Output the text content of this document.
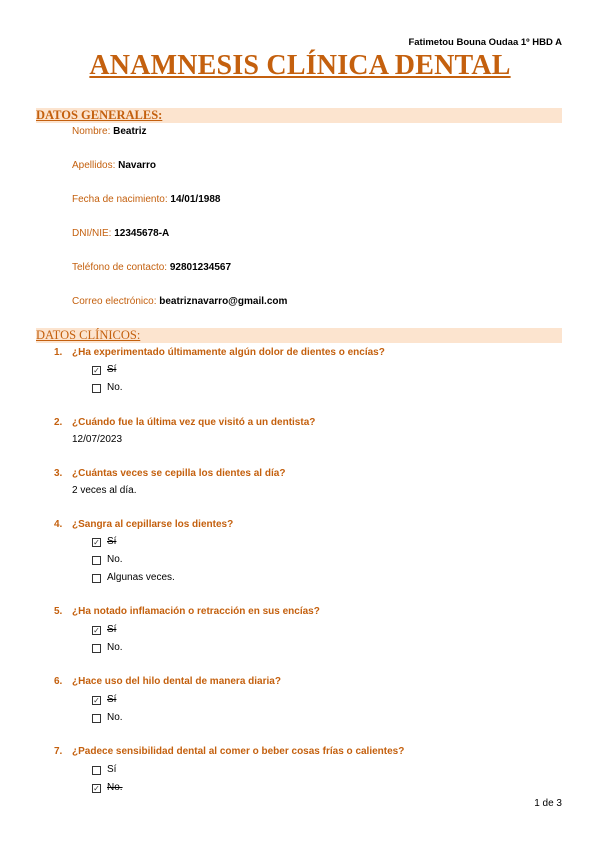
Fatimetou Bouna Oudaa 1º HBD A
ANAMNESIS CLÍNICA DENTAL
DATOS GENERALES:
Nombre: Beatriz
Apellidos: Navarro
Fecha de nacimiento: 14/01/1988
DNI/NIE: 12345678-A
Teléfono de contacto: 92801234567
Correo electrónico: beatriznavarro@gmail.com
DATOS CLÍNICOS:
1. ¿Ha experimentado últimamente algún dolor de dientes o encías?
✓ Sí
No.
2. ¿Cuándo fue la última vez que visitó a un dentista?
12/07/2023
3. ¿Cuántas veces se cepilla los dientes al día?
2 veces al día.
4. ¿Sangra al cepillarse los dientes?
✓ Sí
No.
Algunas veces.
5. ¿Ha notado inflamación o retracción en sus encías?
✓ Sí
No.
6. ¿Hace uso del hilo dental de manera diaria?
✓ Sí
No.
7. ¿Padece sensibilidad dental al comer o beber cosas frías o calientes?
Sí
✓ No.
1 de 3
